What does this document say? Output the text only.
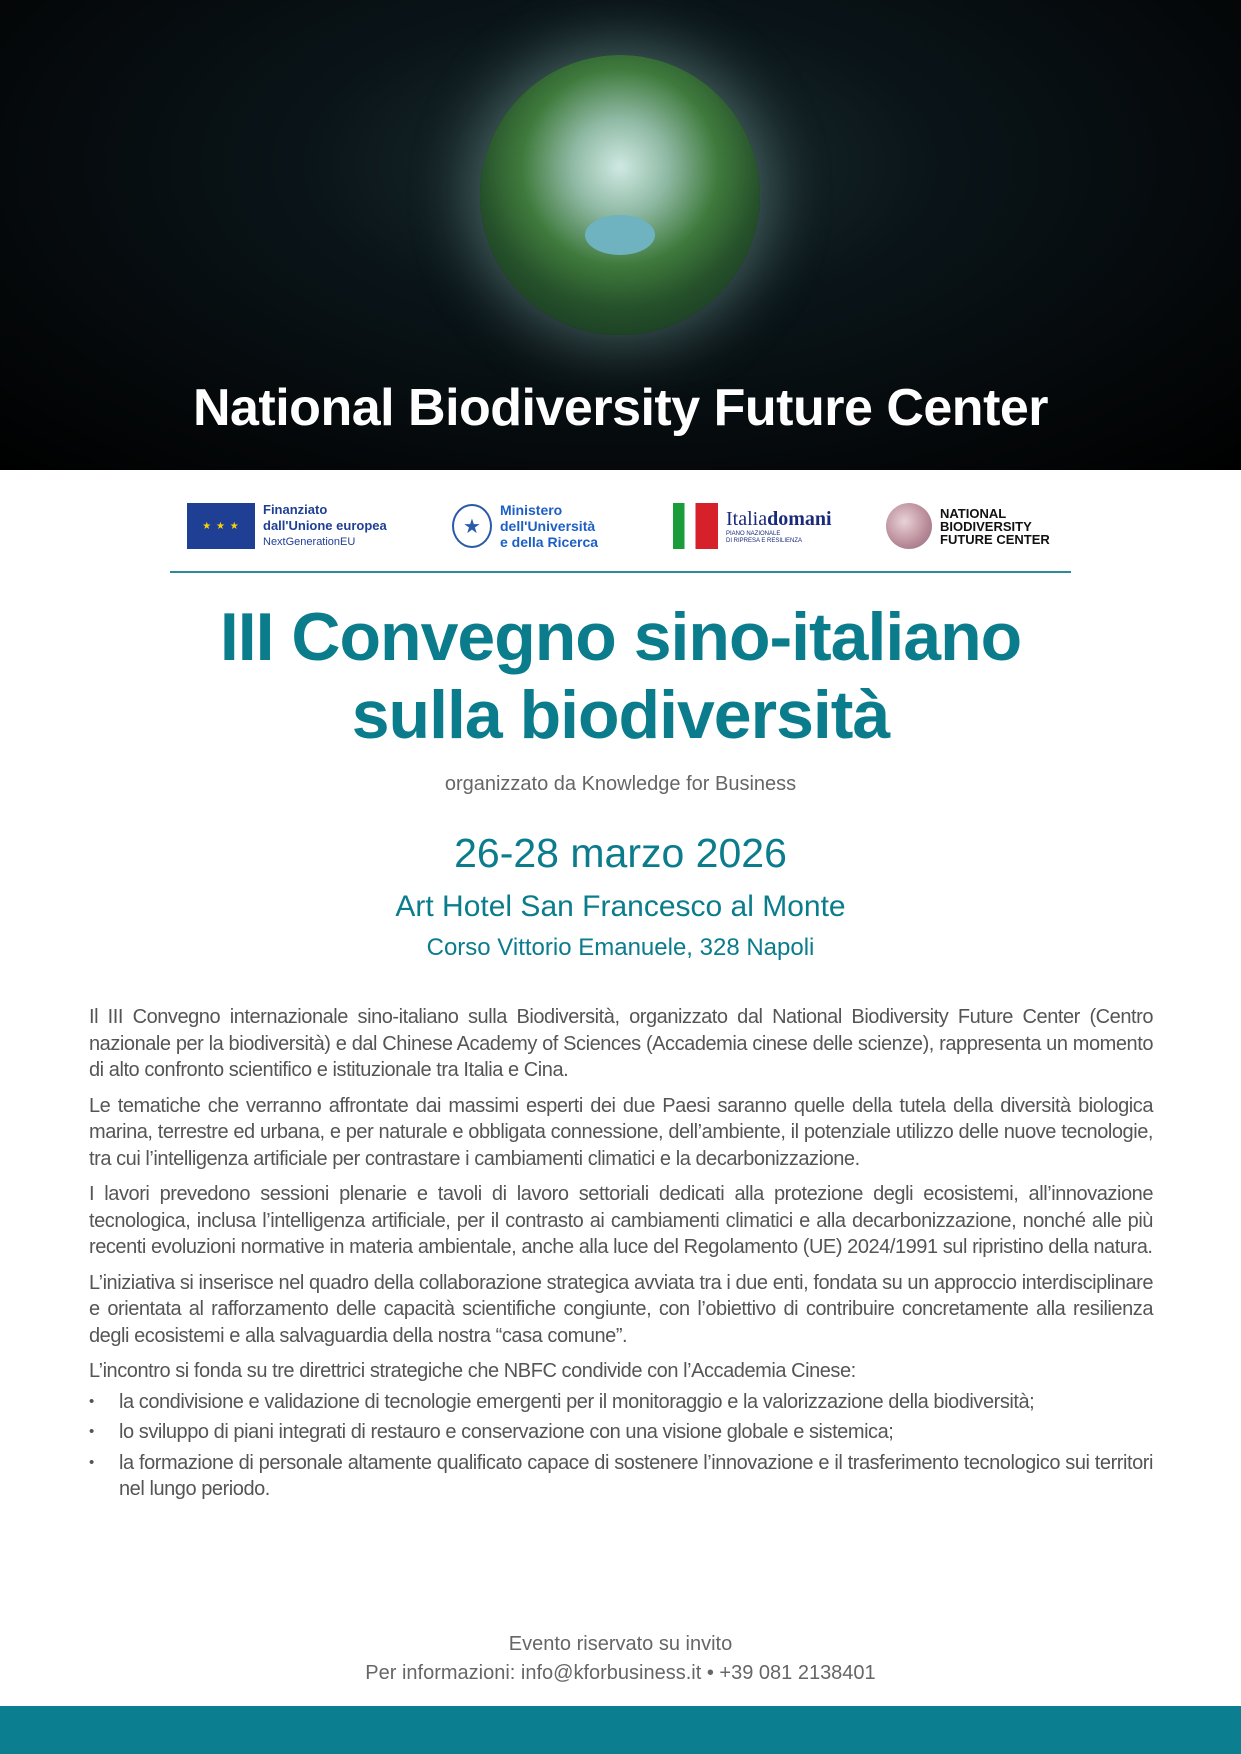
National Biodiversity Future Center
★ ★ ★
Finanziato
dall'Unione europea
NextGenerationEU
★
Ministero
dell'Università
e della Ricerca
Italiadomani
PIANO NAZIONALE
DI RIPRESA E RESILIENZA
NATIONAL
BIODIVERSITY
FUTURE CENTER
III Convegno sino-italiano
sulla biodiversità
organizzato da Knowledge for Business
26-28 marzo 2026
Art Hotel San Francesco al Monte
Corso Vittorio Emanuele, 328 Napoli

Il III Convegno internazionale sino-italiano sulla Biodiversità, organizzato dal National Biodiversity Future Center (Centro nazionale per la biodiversità) e dal Chinese Academy of Sciences (Accademia cinese delle scienze), rappresenta un momento di alto confronto scientifico e istituzionale tra Italia e Cina.

Le tematiche che verranno affrontate dai massimi esperti dei due Paesi saranno quelle della tutela della diversità biologica marina, terrestre ed urbana, e per naturale e obbligata connessione, dell’ambiente, il potenziale utilizzo delle nuove tecnologie, tra cui l’intelligenza artificiale per contrastare i cambiamenti climatici e la decarbonizzazione.

I lavori prevedono sessioni plenarie e tavoli di lavoro settoriali dedicati alla protezione degli ecosistemi, all’innovazione tecnologica, inclusa l’intelligenza artificiale, per il contrasto ai cambiamenti climatici e alla decarbonizzazione, nonché alle più recenti evoluzioni normative in materia ambientale, anche alla luce del Regolamento (UE) 2024/1991 sul ripristino della natura.

L’iniziativa si inserisce nel quadro della collaborazione strategica avviata tra i due enti, fondata su un approccio interdisciplinare e orientata al rafforzamento delle capacità scientifiche congiunte, con l’obiettivo di contribuire concretamente alla resilienza degli ecosistemi e alla salvaguardia della nostra “casa comune”.

L’incontro si fonda su tre direttrici strategiche che NBFC condivide con l’Accademia Cinese:

• la condivisione e validazione di tecnologie emergenti per il monitoraggio e la valorizzazione della biodiversità;
• lo sviluppo di piani integrati di restauro e conservazione con una visione globale e sistemica;
• la formazione di personale altamente qualificato capace di sostenere l’innovazione e il trasferimento tecnologico sui territori nel lungo periodo.
Evento riservato su invito
Per informazioni: info@kforbusiness.it • +39 081 2138401
